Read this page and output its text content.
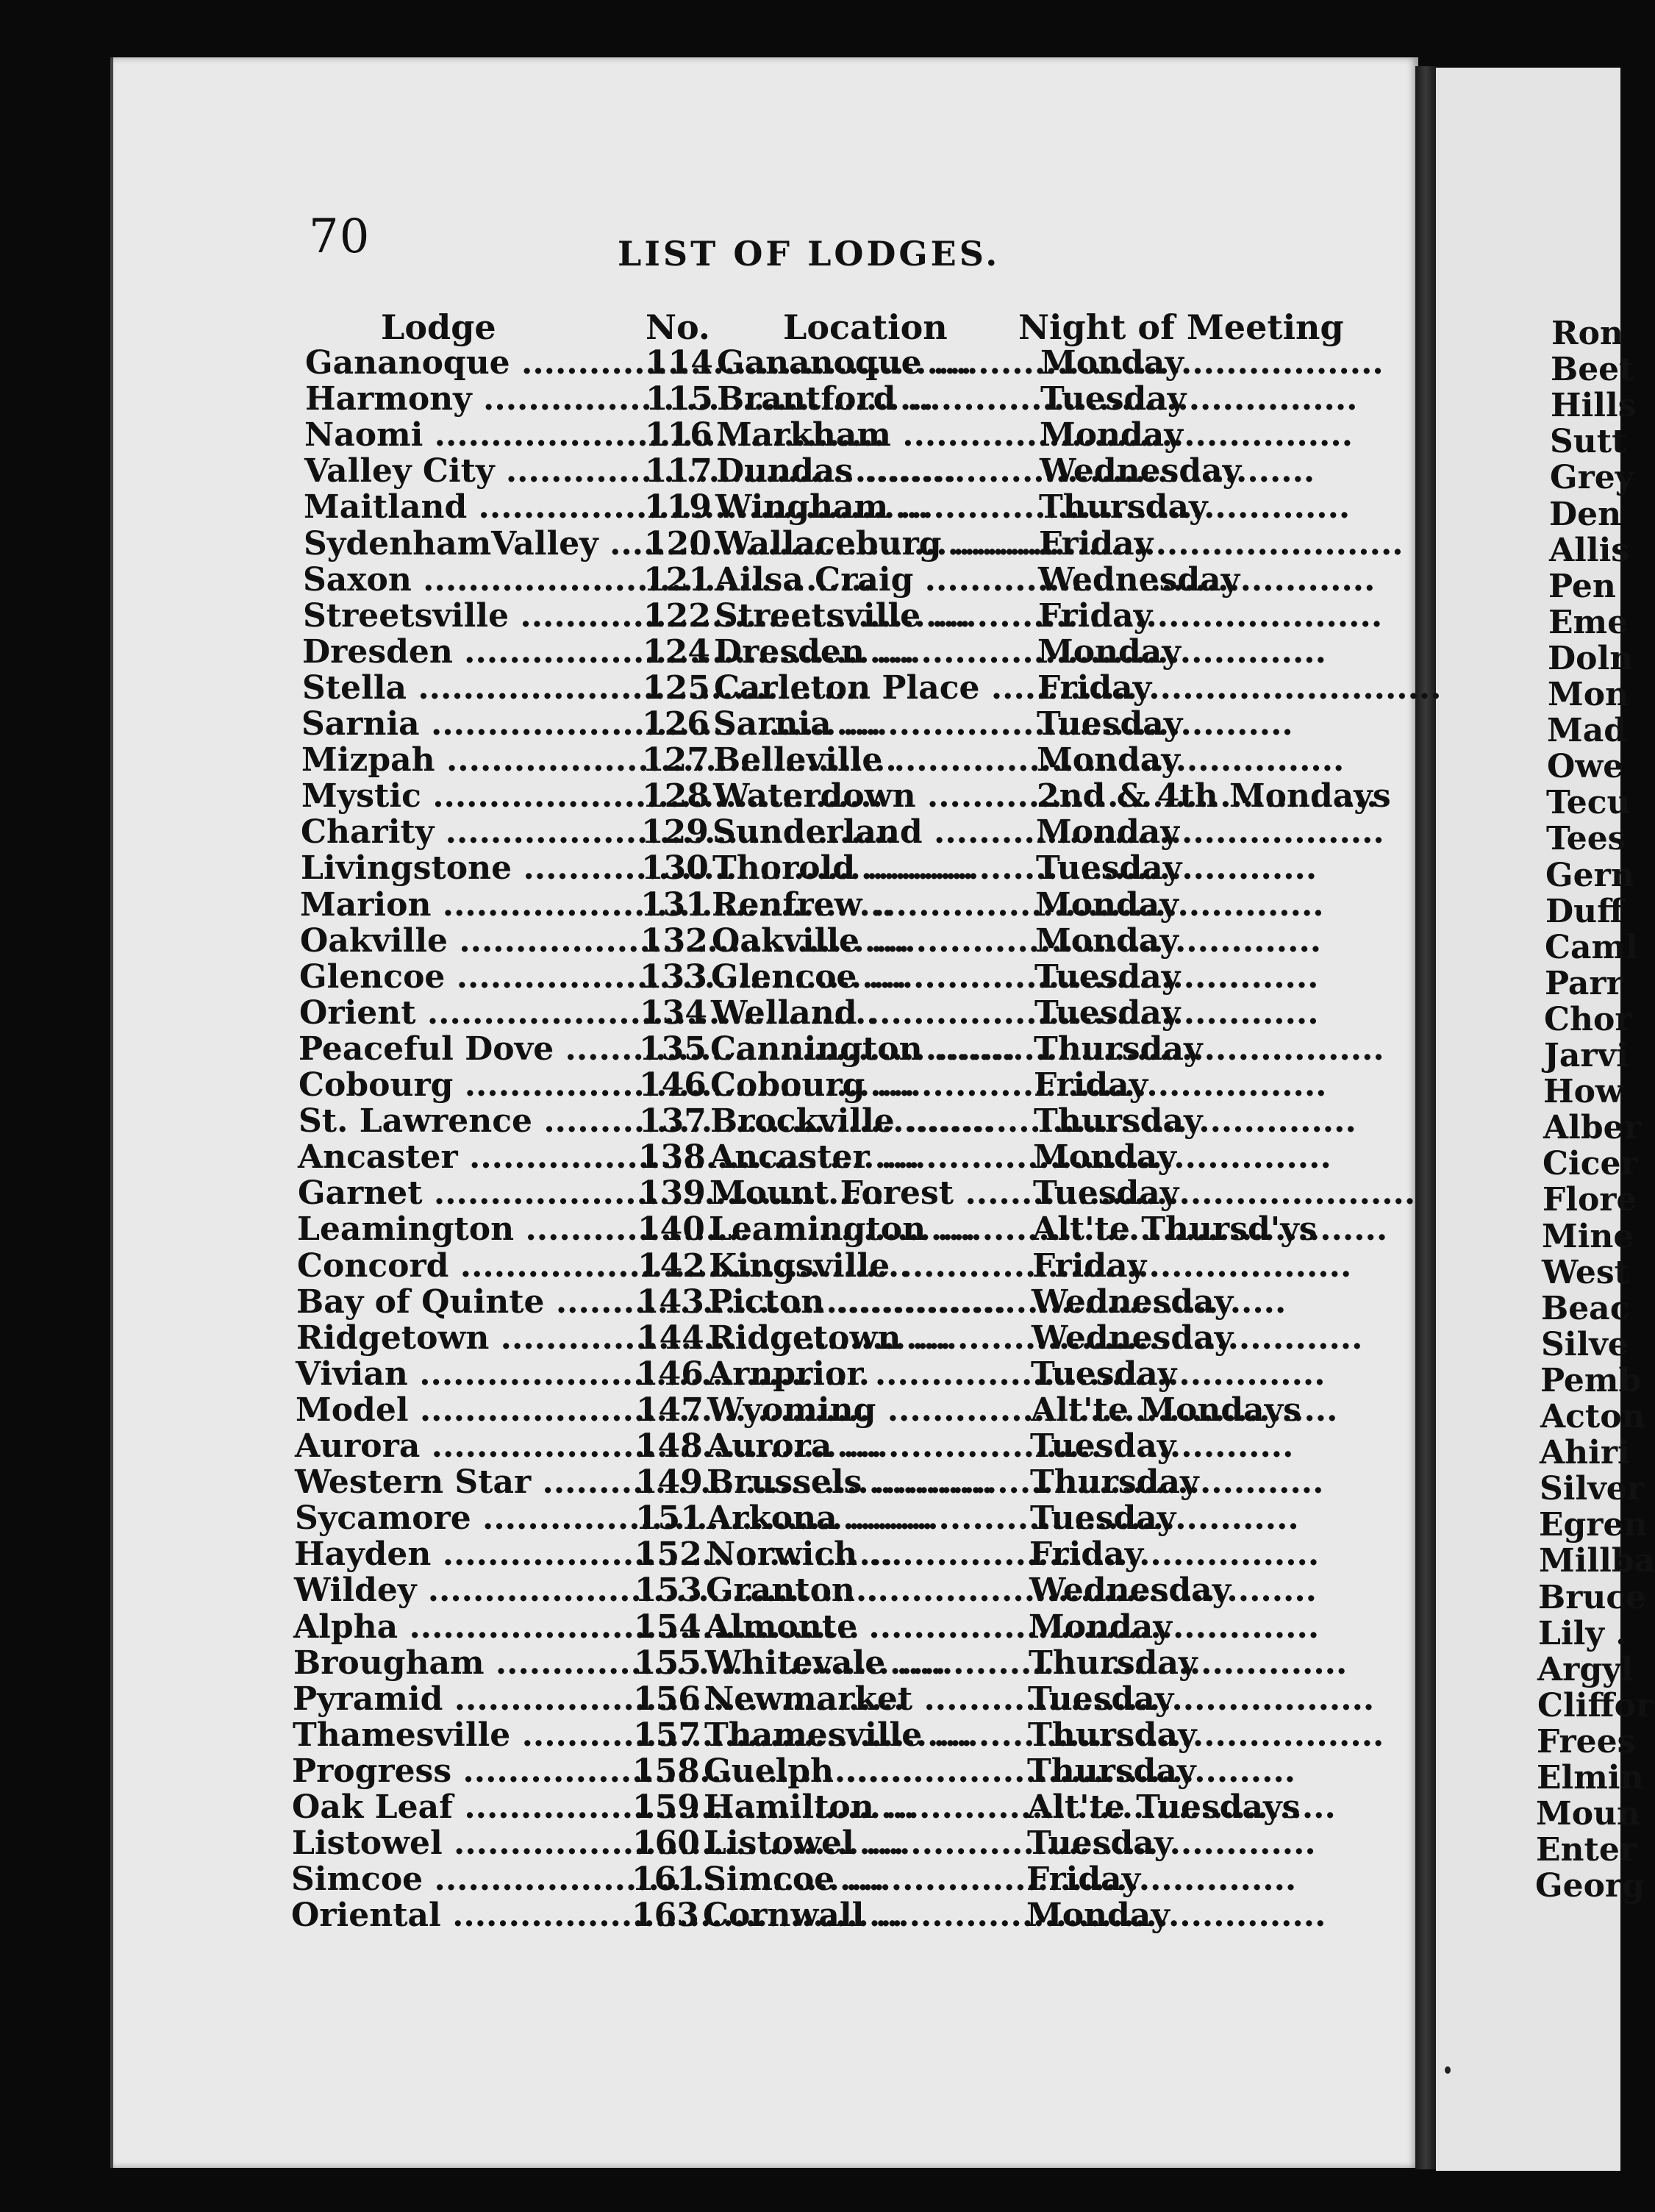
Ron
Beet
Hills
Sutt
Grey
Den
Allis
Pen
Eme
Doln
Mon
Mad
Owe
Tecu
Tees
Gern
Duff
Caml
Parr
Chor
Jarvi
How
Alber
Cicer
Flore
Mine
West
Beac
Silve
Pemb
Acton
Ahiri
Silver
Egren
Millba
Bruce
Lily .
Argyl
Cliffor
Frees
Elmin
Moun
Enter
Georg
70	LIST OF LODGES.
Lodge	No. Location Night of Meeting
Gananoque .....	114 Gananoque .....	Monday
Harmony .....	115 Brantford .....	Tuesday
Naomi .....	116 Markham .....	Monday
Valley City .....	117 Dundas .....	Wednesday
Maitland .....	119 Wingham .....	Thursday
SydenhamValley .....	120 Wallaceburg .....	Friday
Saxon .....	121 Ailsa Craig .....	Wednesday
Streetsville .....	122 Streetsville .....	Friday
Dresden .....	124 Dresden .....	Monday
Stella .....	125 Carleton Place .....	Friday
Sarnia .....	126 Sarnia .....	Tuesday
Mizpah .....	127 Belleville .....	Monday
Mystic .....	128 Waterdown .....	2nd & 4th Mondays
Charity .....	129 Sunderland .....	Monday
Livingstone .....	130 Thorold .....	Tuesday
Marion .....	131 Renfrew .....	Monday
Oakville .....	132 Oakville .....	Monday
Glencoe .....	133 Glencoe .....	Tuesday
Orient .....	134 Welland .....	Tuesday
Peaceful Dove .....	135 Cannington .....	Thursday
Cobourg .....	146 Cobourg .....	Friday
St. Lawrence .....	137 Brockville .....	Thursday
Ancaster .....	138 Ancaster .....	Monday
Garnet .....	139 Mount Forest .....	Tuesday
Leamington .....	140 Leamington .....	Alt'te Thursd'ys
Concord .....	142 Kingsville .....	Friday
Bay of Quinte .....	143 Picton .....	Wednesday
Ridgetown .....	144 Ridgetown .....	Wednesday
Vivian .....	146 Arnprior .....	Tuesday
Model .....	147 Wyoming .....	Alt'te Mondays
Aurora .....	148 Aurora .....	Tuesday
Western Star .....	149 Brussels .....	Thursday
Sycamore .....	151 Arkona .....	Tuesday
Hayden .....	152 Norwich .....	Friday
Wildey .....	153 Granton .....	Wednesday
Alpha .....	154 Almonte .....	Monday
Brougham .....	155 Whitevale .....	Thursday
Pyramid .....	156 Newmarket .....	Tuesday
Thamesville .....	157 Thamesville .....	Thursday
Progress .....	158 Guelph .....	Thursday
Oak Leaf .....	159 Hamilton .....	Alt'te Tuesdays
Listowel .....	160 Listowel .....	Tuesday
Simcoe .....	161 Simcoe .....	Friday
Oriental .....	163 Cornwall .....	Monday
